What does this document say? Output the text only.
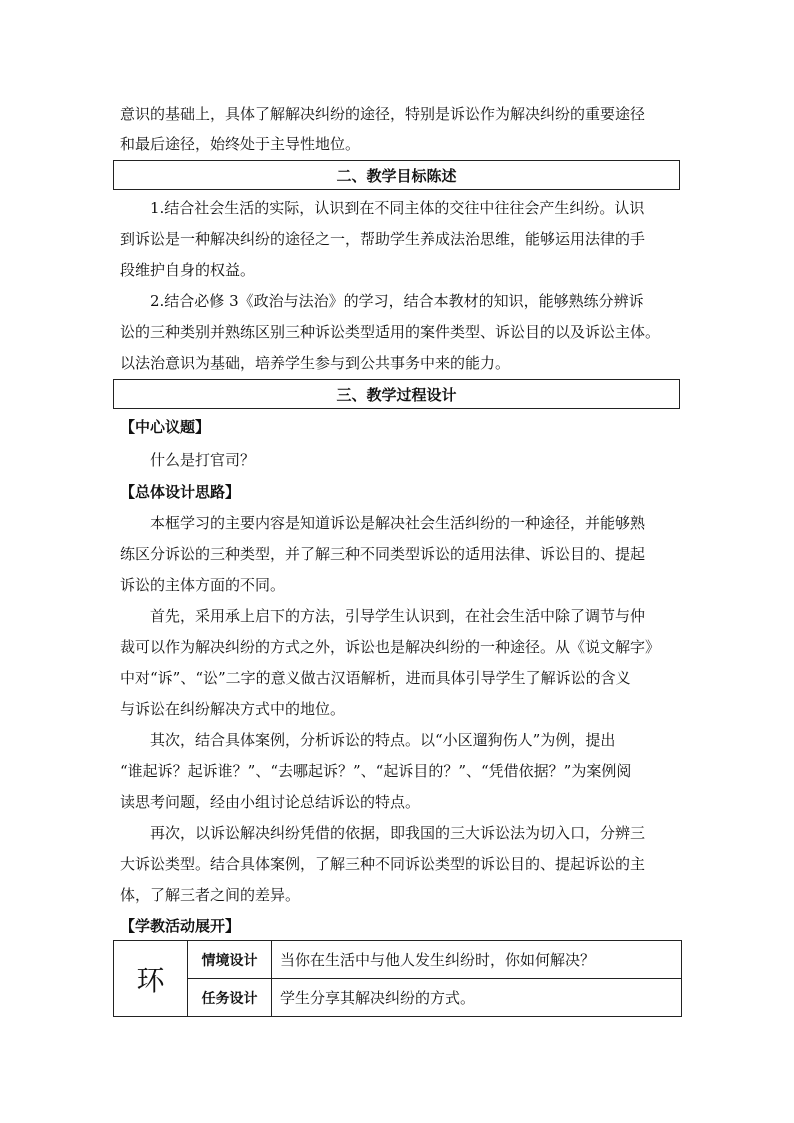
意识的基础上，具体了解解决纠纷的途径，特别是诉讼作为解决纠纷的重要途径
和最后途径，始终处于主导性地位。
二、教学目标陈述
1.结合社会生活的实际，认识到在不同主体的交往中往往会产生纠纷。认识
到诉讼是一种解决纠纷的途径之一，帮助学生养成法治思维，能够运用法律的手
段维护自身的权益。
2.结合必修 3《政治与法治》的学习，结合本教材的知识，能够熟练分辨诉
讼的三种类别并熟练区别三种诉讼类型适用的案件类型、诉讼目的以及诉讼主体。
以法治意识为基础，培养学生参与到公共事务中来的能力。
三、教学过程设计
【中心议题】
什么是打官司？
【总体设计思路】
本框学习的主要内容是知道诉讼是解决社会生活纠纷的一种途径，并能够熟
练区分诉讼的三种类型，并了解三种不同类型诉讼的适用法律、诉讼目的、提起
诉讼的主体方面的不同。
首先，采用承上启下的方法，引导学生认识到，在社会生活中除了调节与仲
裁可以作为解决纠纷的方式之外，诉讼也是解决纠纷的一种途径。从《说文解字》
中对“诉”、“讼”二字的意义做古汉语解析，进而具体引导学生了解诉讼的含义
与诉讼在纠纷解决方式中的地位。
其次，结合具体案例，分析诉讼的特点。以“小区遛狗伤人”为例，提出
“谁起诉？起诉谁？”、“去哪起诉？”、“起诉目的？”、“凭借依据？”为案例阅
读思考问题，经由小组讨论总结诉讼的特点。
再次，以诉讼解决纠纷凭借的依据，即我国的三大诉讼法为切入口，分辨三
大诉讼类型。结合具体案例，了解三种不同诉讼类型的诉讼目的、提起诉讼的主
体，了解三者之间的差异。
【学教活动展开】
环	情境设计	当你在生活中与他人发生纠纷时，你如何解决？
	任务设计	学生分享其解决纠纷的方式。
